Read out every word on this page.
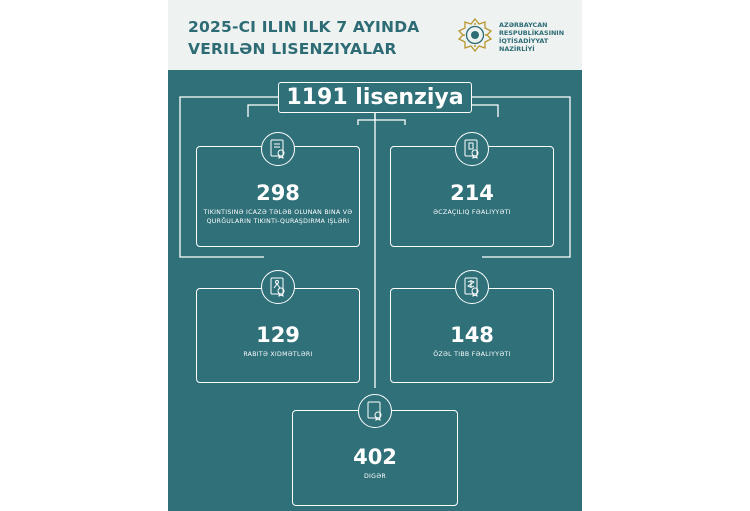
2025-CI ILIN ILK 7 AYINDA
VERILƏN LISENZIYALAR
AZƏRBAYCAN
RESPUBLİKASININ
İQTİSADİYYAT
NAZİRLİYİ
1191 lisenziya
298
TIKINTISINƏ ICAZƏ TƏLƏB OLUNAN BINA VƏ
QURĞULARIN TIKINTI-QURAŞDIRMA IŞLƏRI
214
ƏCZAÇILIQ FƏALIYYƏTI
129
RABITƏ XIDMƏTLƏRI
148
ÖZƏL TIBB FƏALIYYƏTI
402
DIGƏR
